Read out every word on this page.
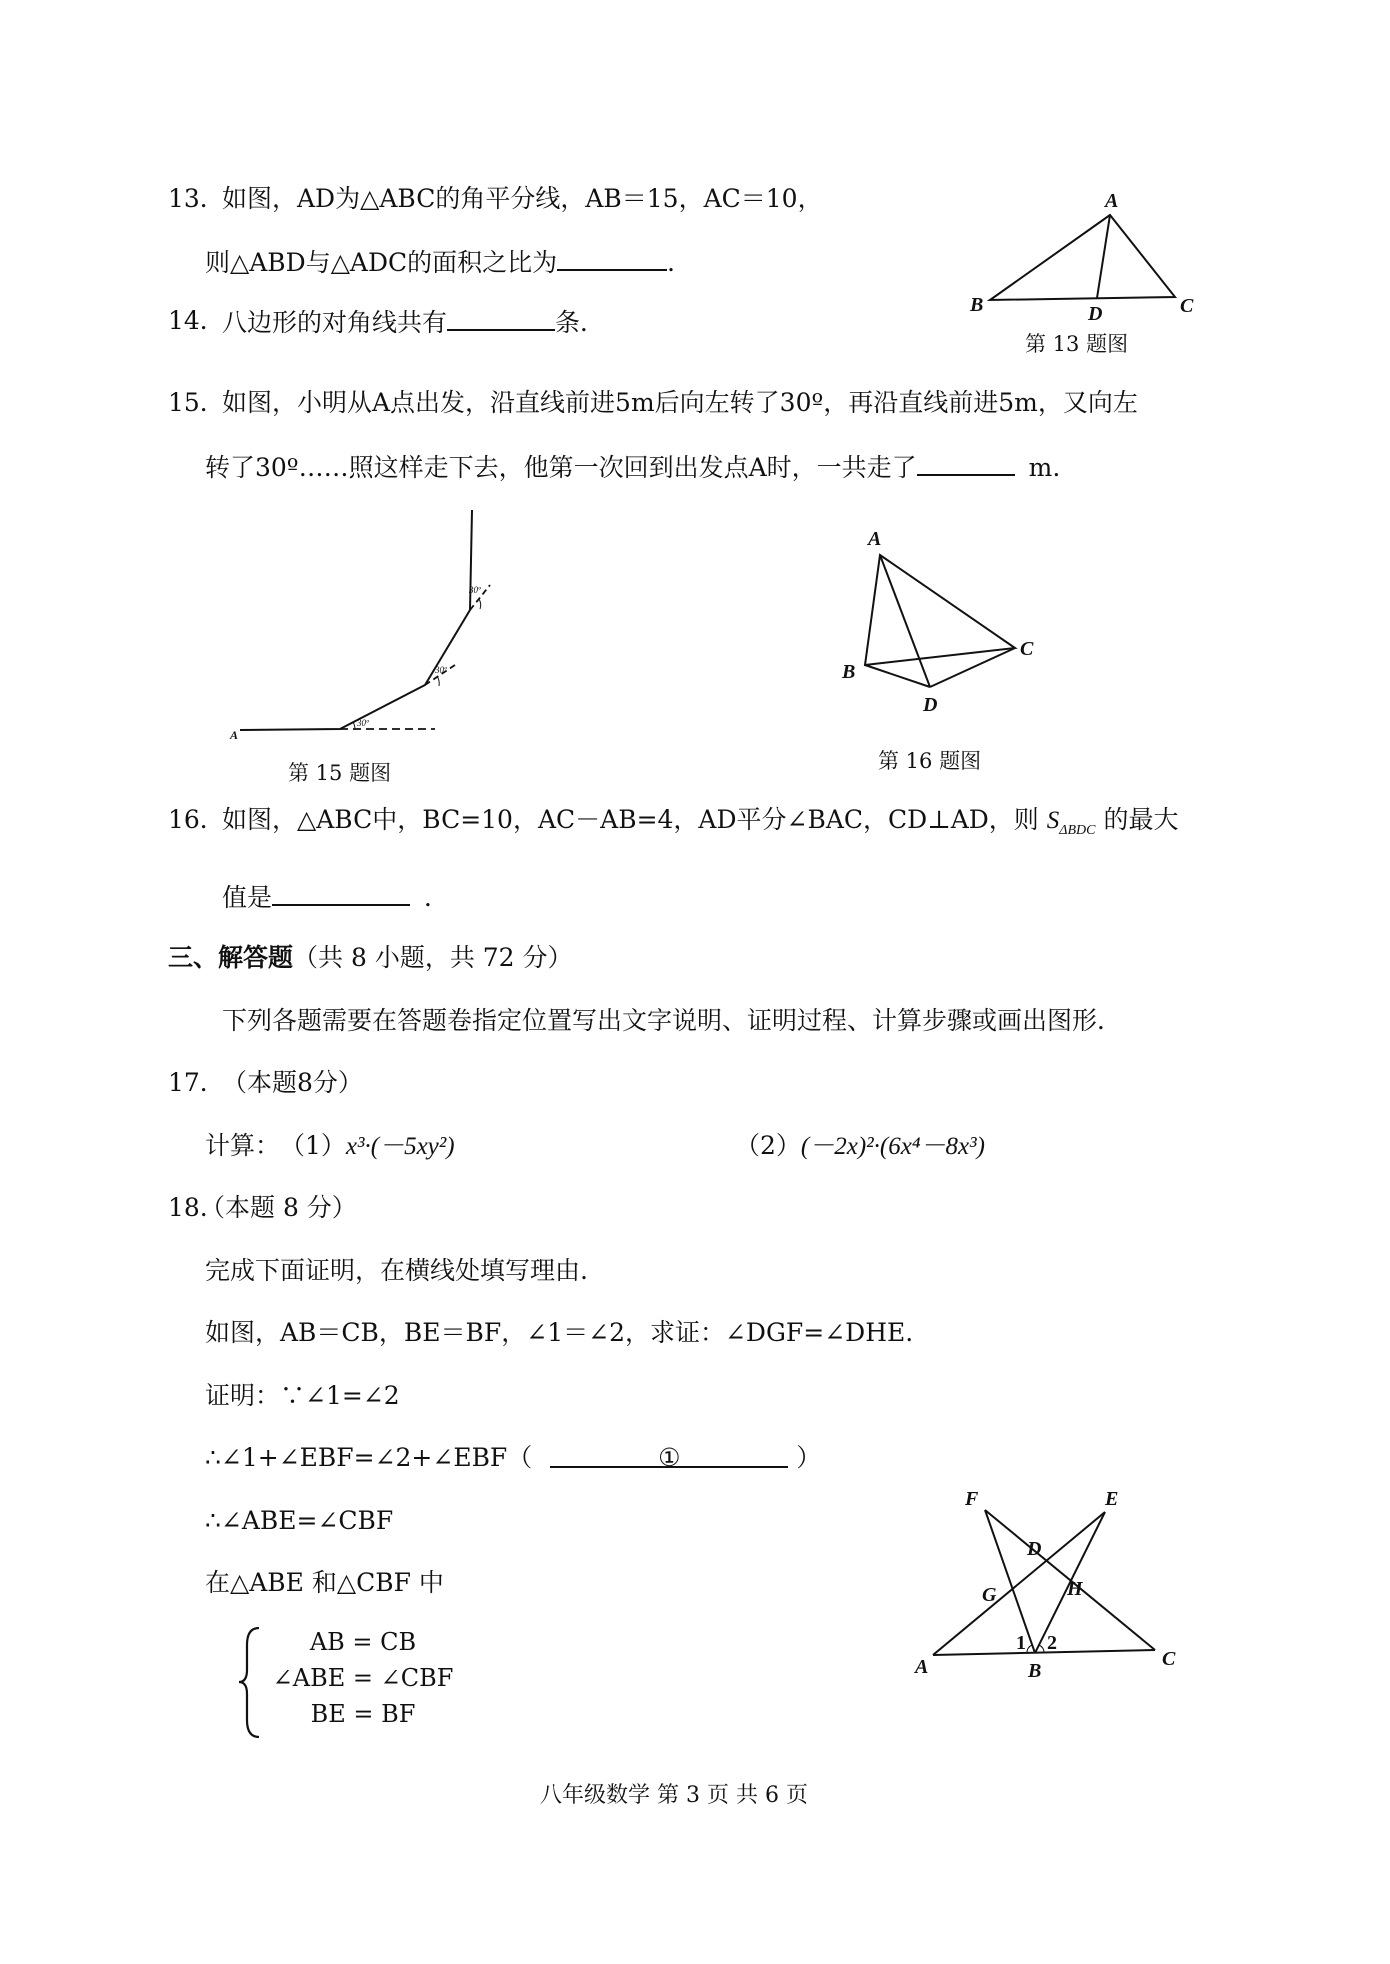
13．
如图，AD为△ABC的角平分线，AB＝15，AC＝10，
则△ABD与△ADC的面积之比为	．
A
B	C
D
第 13 题图
14．
八边形的对角线共有	条．
15．
如图，小明从A点出发，沿直线前进5m后向左转了30º，再沿直线前进5m，又向左
转了30º……照这样走下去，他第一次回到出发点A时，一共走了	m.
A
30º
30º
30º
第 15 题图
A
B
C
D
第 16 题图
16．
如图，△ABC中，BC=10，AC－AB=4，AD平分∠BAC，CD⊥AD，则 $S_{\Delta BDC}$ 的最大
值是	．
三、解答题（共 8 小题，共 72 分）
下列各题需要在答题卷指定位置写出文字说明、证明过程、计算步骤或画出图形．
17．
（本题8分）
计算： （1）x³·(－5xy²)	（2）(－2x)²·(6x⁴－8x³)
18.
（本题 8 分）
完成下面证明，在横线处填写理由.
如图，AB＝CB，BE＝BF，∠1＝∠2，求证：∠DGF=∠DHE.
证明：∵∠1=∠2
∴∠1+∠EBF=∠2+∠EBF（	①	）
∴∠ABE=∠CBF
在△ABE 和△CBF 中
AB = CB
∠ABE = ∠CBF
BE = BF
A	B
C
D
E
F
G	H
1 2
八年级数学 第 3 页 共 6 页
